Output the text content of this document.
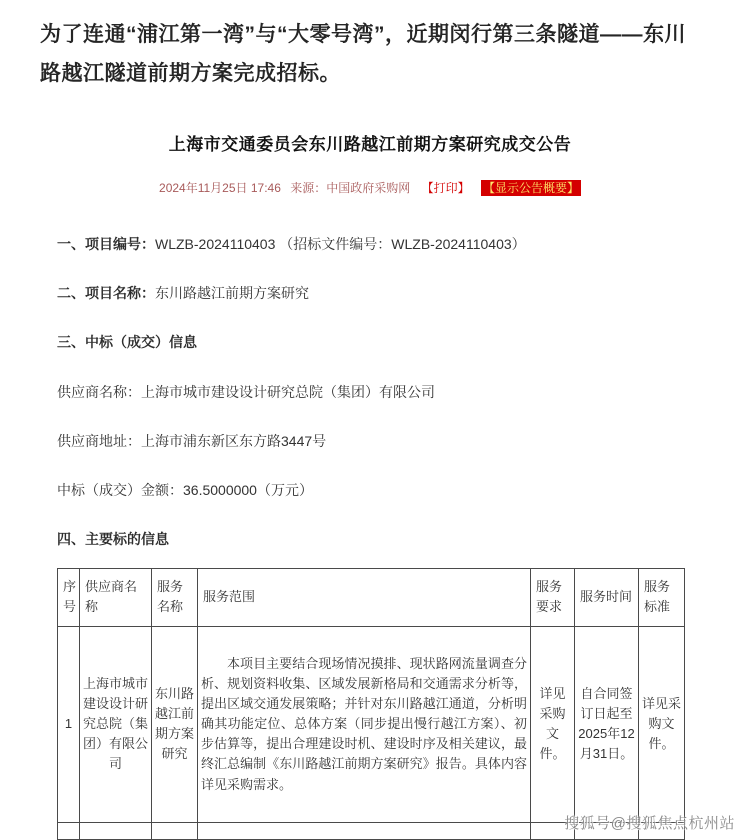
为了连通“浦江第一湾”与“大零号湾”，近期闵行第三条隧道——东川路越江隧道前期方案完成招标。

上海市交通委员会东川路越江前期方案研究成交公告
2024年11月25日 17:46 来源：中国政府采购网 【打印】 【显示公告概要】

一、项目编号：WLZB-2024110403 （招标文件编号：WLZB-2024110403）

二、项目名称：东川路越江前期方案研究

三、中标（成交）信息

供应商名称：上海市城市建设设计研究总院（集团）有限公司

供应商地址：上海市浦东新区东方路3447号

中标（成交）金额：36.5000000（万元）

四、主要标的信息

序号	供应商名称	服务名称	服务范围	服务要求	服务时间	服务标准
1	上海市城市建设设计研究总院（集团）有限公司	东川路越江前期方案研究	本项目主要结合现场情况摸排、现状路网流量调查分析、规划资料收集、区域发展新格局和交通需求分析等，提出区域交通发展策略；并针对东川路越江通道，分析明确其功能定位、总体方案（同步提出慢行越江方案）、初步估算等，提出合理建设时机、建设时序及相关建议，最终汇总编制《东川路越江前期方案研究》报告。具体内容详见采购需求。	详见采购文件。	自合同签订日起至2025年12月31日。	详见采购文件。

搜狐号@搜狐焦点杭州站
